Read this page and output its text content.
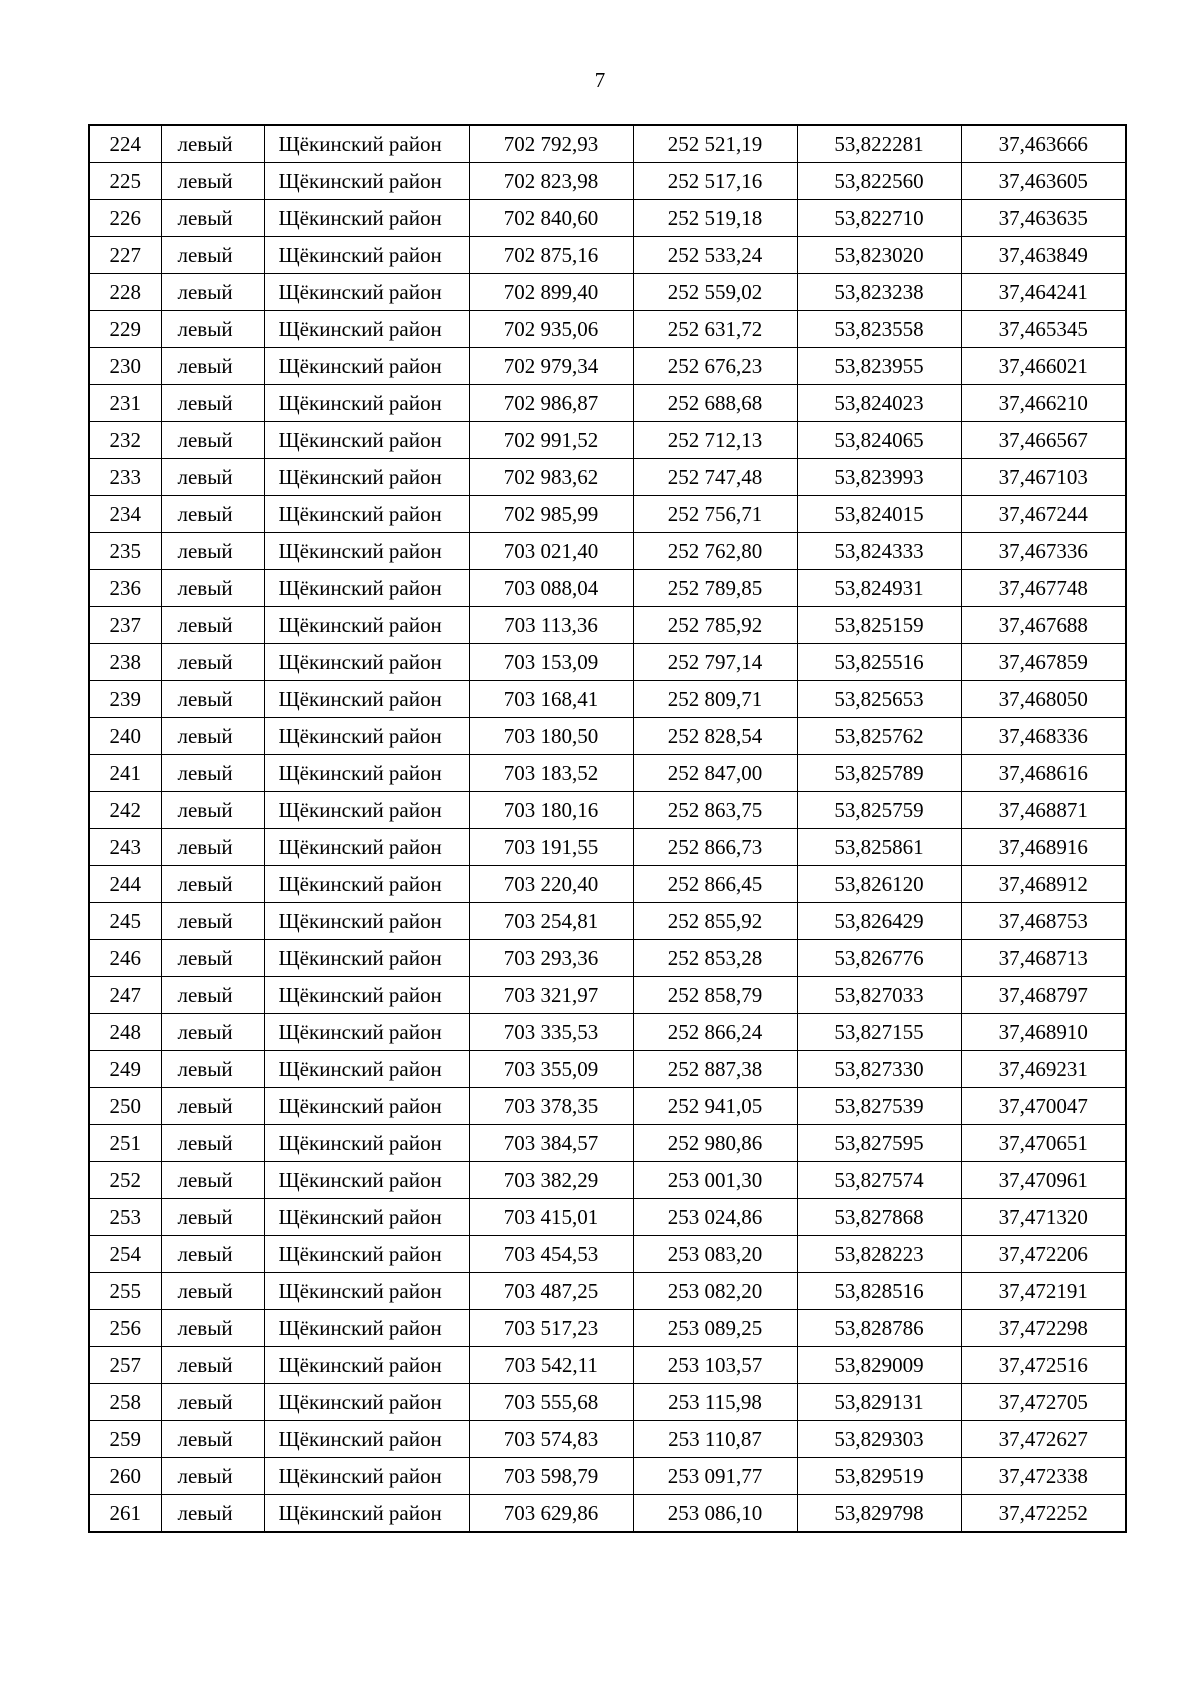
7
224	левый	Щёкинский район	702 792,93	252 521,19	53,822281	37,463666
225	левый	Щёкинский район	702 823,98	252 517,16	53,822560	37,463605
226	левый	Щёкинский район	702 840,60	252 519,18	53,822710	37,463635
227	левый	Щёкинский район	702 875,16	252 533,24	53,823020	37,463849
228	левый	Щёкинский район	702 899,40	252 559,02	53,823238	37,464241
229	левый	Щёкинский район	702 935,06	252 631,72	53,823558	37,465345
230	левый	Щёкинский район	702 979,34	252 676,23	53,823955	37,466021
231	левый	Щёкинский район	702 986,87	252 688,68	53,824023	37,466210
232	левый	Щёкинский район	702 991,52	252 712,13	53,824065	37,466567
233	левый	Щёкинский район	702 983,62	252 747,48	53,823993	37,467103
234	левый	Щёкинский район	702 985,99	252 756,71	53,824015	37,467244
235	левый	Щёкинский район	703 021,40	252 762,80	53,824333	37,467336
236	левый	Щёкинский район	703 088,04	252 789,85	53,824931	37,467748
237	левый	Щёкинский район	703 113,36	252 785,92	53,825159	37,467688
238	левый	Щёкинский район	703 153,09	252 797,14	53,825516	37,467859
239	левый	Щёкинский район	703 168,41	252 809,71	53,825653	37,468050
240	левый	Щёкинский район	703 180,50	252 828,54	53,825762	37,468336
241	левый	Щёкинский район	703 183,52	252 847,00	53,825789	37,468616
242	левый	Щёкинский район	703 180,16	252 863,75	53,825759	37,468871
243	левый	Щёкинский район	703 191,55	252 866,73	53,825861	37,468916
244	левый	Щёкинский район	703 220,40	252 866,45	53,826120	37,468912
245	левый	Щёкинский район	703 254,81	252 855,92	53,826429	37,468753
246	левый	Щёкинский район	703 293,36	252 853,28	53,826776	37,468713
247	левый	Щёкинский район	703 321,97	252 858,79	53,827033	37,468797
248	левый	Щёкинский район	703 335,53	252 866,24	53,827155	37,468910
249	левый	Щёкинский район	703 355,09	252 887,38	53,827330	37,469231
250	левый	Щёкинский район	703 378,35	252 941,05	53,827539	37,470047
251	левый	Щёкинский район	703 384,57	252 980,86	53,827595	37,470651
252	левый	Щёкинский район	703 382,29	253 001,30	53,827574	37,470961
253	левый	Щёкинский район	703 415,01	253 024,86	53,827868	37,471320
254	левый	Щёкинский район	703 454,53	253 083,20	53,828223	37,472206
255	левый	Щёкинский район	703 487,25	253 082,20	53,828516	37,472191
256	левый	Щёкинский район	703 517,23	253 089,25	53,828786	37,472298
257	левый	Щёкинский район	703 542,11	253 103,57	53,829009	37,472516
258	левый	Щёкинский район	703 555,68	253 115,98	53,829131	37,472705
259	левый	Щёкинский район	703 574,83	253 110,87	53,829303	37,472627
260	левый	Щёкинский район	703 598,79	253 091,77	53,829519	37,472338
261	левый	Щёкинский район	703 629,86	253 086,10	53,829798	37,472252
